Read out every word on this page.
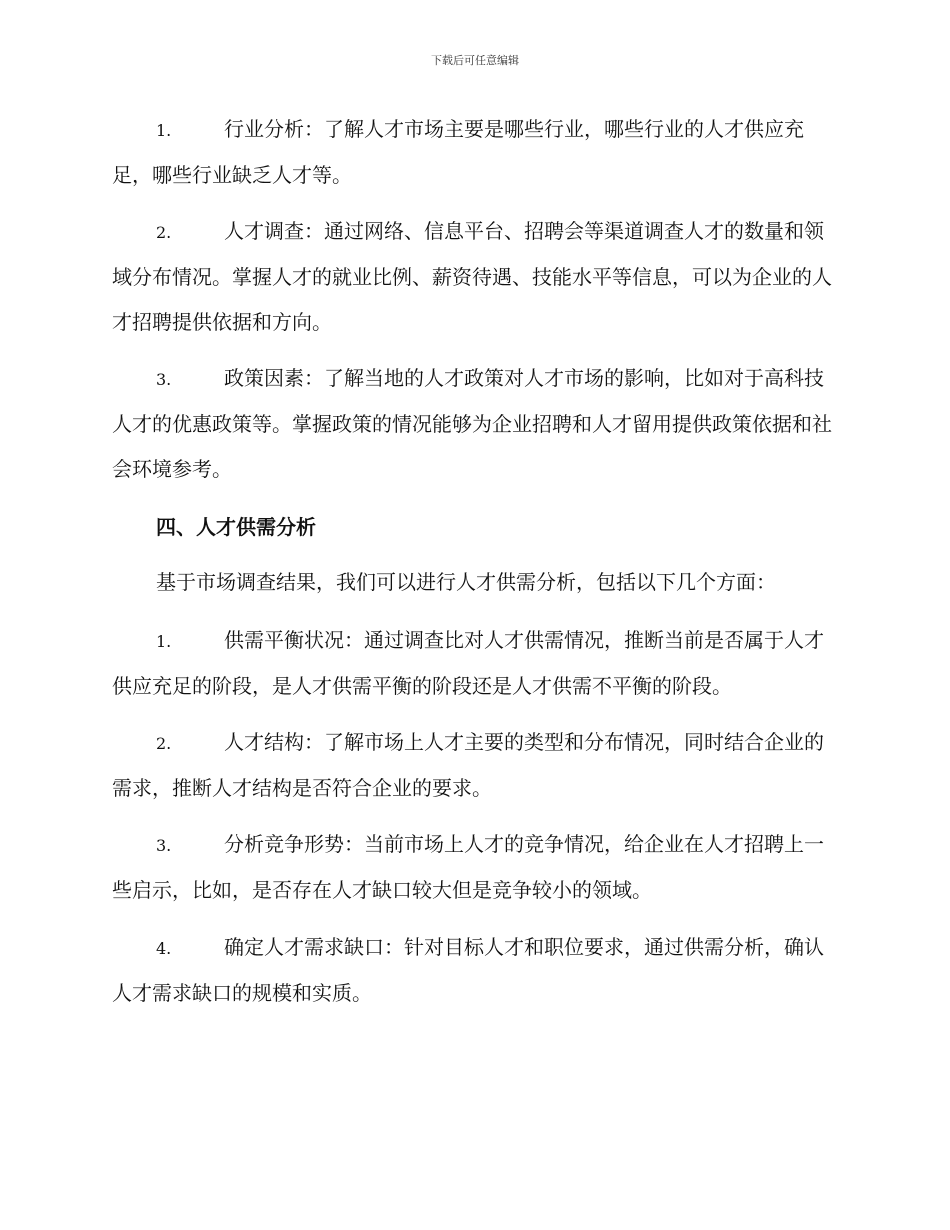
下载后可任意编辑

1.	行业分析：了解人才市场主要是哪些行业，哪些行业的人才供应充足，哪些行业缺乏人才等。

2.	人才调查：通过网络、信息平台、招聘会等渠道调查人才的数量和领域分布情况。掌握人才的就业比例、薪资待遇、技能水平等信息，可以为企业的人才招聘提供依据和方向。

3.	政策因素：了解当地的人才政策对人才市场的影响，比如对于高科技人才的优惠政策等。掌握政策的情况能够为企业招聘和人才留用提供政策依据和社会环境参考。

四、人才供需分析

基于市场调查结果，我们可以进行人才供需分析，包括以下几个方面：

1.	供需平衡状况：通过调查比对人才供需情况，推断当前是否属于人才供应充足的阶段，是人才供需平衡的阶段还是人才供需不平衡的阶段。

2.	人才结构：了解市场上人才主要的类型和分布情况，同时结合企业的需求，推断人才结构是否符合企业的要求。

3.	分析竞争形势：当前市场上人才的竞争情况，给企业在人才招聘上一些启示，比如，是否存在人才缺口较大但是竞争较小的领域。

4.	确定人才需求缺口：针对目标人才和职位要求，通过供需分析，确认人才需求缺口的规模和实质。
